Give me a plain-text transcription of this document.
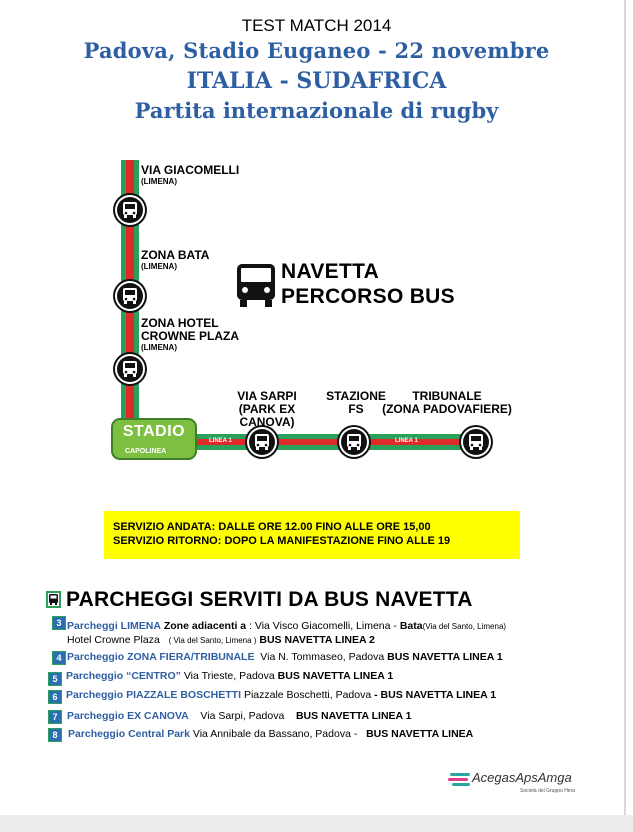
TEST MATCH 2014
Padova, Stadio Euganeo - 22 novembre
ITALIA - SUDAFRICA
Partita internazionale di rugby
VIA GIACOMELLI
(LIMENA)
ZONA BATA
(LIMENA)
ZONA HOTEL
CROWNE PLAZA
(LIMENA)
VIA SARPI
(PARK EX CANOVA)
STAZIONE
FS
TRIBUNALE
(ZONA PADOVAFIERE)
STADIO
CAPOLINEA
LINEA 1	LINEA 1
NAVETTA
PERCORSO BUS
SERVIZIO ANDATA: DALLE ORE 12.00 FINO ALLE ORE 15,00
SERVIZIO RITORNO: DOPO LA MANIFESTAZIONE FINO ALLE 19
PARCHEGGI SERVITI DA BUS NAVETTA
3 Parcheggi LIMENA Zone adiacenti a : Via Visco Giacomelli, Limena - Bata(Via del Santo, Limena)
Hotel Crowne Plaza ( Via del Santo, Limena ) BUS NAVETTA LINEA 2
4 Parcheggio ZONA FIERA/TRIBUNALE Via N. Tommaseo, Padova BUS NAVETTA LINEA 1
5 Parcheggio “CENTRO” Via Trieste, Padova BUS NAVETTA LINEA 1
6 Parcheggio PIAZZALE BOSCHETTI Piazzale Boschetti, Padova - BUS NAVETTA LINEA 1
7 Parcheggio EX CANOVA Via Sarpi, Padova BUS NAVETTA LINEA 1
8	Parcheggio Central Park Via Annibale da Bassano, Padova - BUS NAVETTA LINEA
AcegasApsAmga
Società del Gruppo Hera
